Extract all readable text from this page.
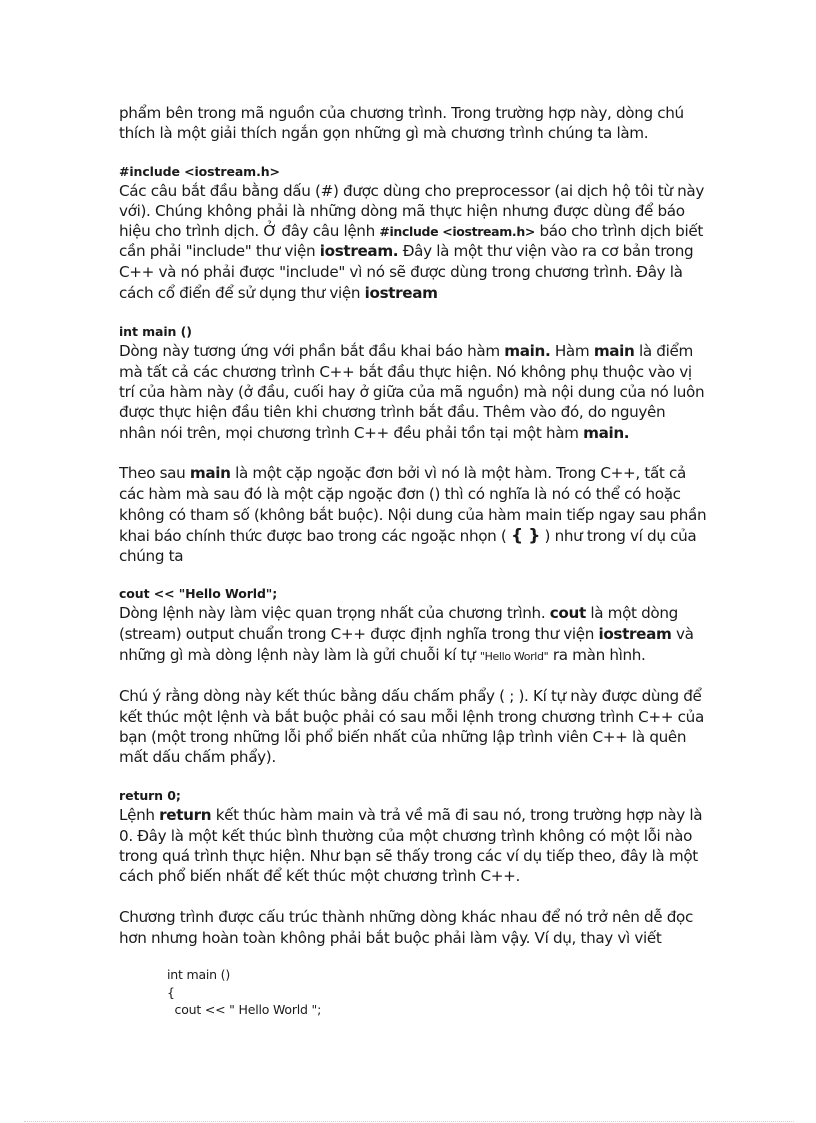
phẩm bên trong mã nguồn của chương trình. Trong trường hợp này, dòng chú
thích là một giải thích ngắn gọn những gì mà chương trình chúng ta làm.
#include <iostream.h>
Các câu bắt đầu bằng dấu (#) được dùng cho preprocessor (ai dịch hộ tôi từ này
với). Chúng không phải là những dòng mã thực hiện nhưng được dùng để báo
hiệu cho trình dịch. Ở đây câu lệnh #include <iostream.h> báo cho trình dịch biết
cần phải "include" thư viện iostream. Đây là một thư viện vào ra cơ bản trong
C++ và nó phải được "include" vì nó sẽ được dùng trong chương trình. Đây là
cách cổ điển để sử dụng thư viện iostream
int main ()
Dòng này tương ứng với phần bắt đầu khai báo hàm main. Hàm main là điểm
mà tất cả các chương trình C++ bắt đầu thực hiện. Nó không phụ thuộc vào vị
trí của hàm này (ở đầu, cuối hay ở giữa của mã nguồn) mà nội dung của nó luôn
được thực hiện đầu tiên khi chương trình bắt đầu. Thêm vào đó, do nguyên
nhân nói trên, mọi chương trình C++ đều phải tồn tại một hàm main.
Theo sau main là một cặp ngoặc đơn bởi vì nó là một hàm. Trong C++, tất cả
các hàm mà sau đó là một cặp ngoặc đơn () thì có nghĩa là nó có thể có hoặc
không có tham số (không bắt buộc). Nội dung của hàm main tiếp ngay sau phần
khai báo chính thức được bao trong các ngoặc nhọn ( { } ) như trong ví dụ của
chúng ta
cout << "Hello World";
Dòng lệnh này làm việc quan trọng nhất của chương trình. cout là một dòng
(stream) output chuẩn trong C++ được định nghĩa trong thư viện iostream và
những gì mà dòng lệnh này làm là gửi chuỗi kí tự "Hello World" ra màn hình.
Chú ý rằng dòng này kết thúc bằng dấu chấm phẩy ( ; ). Kí tự này được dùng để
kết thúc một lệnh và bắt buộc phải có sau mỗi lệnh trong chương trình C++ của
bạn (một trong những lỗi phổ biến nhất của những lập trình viên C++ là quên
mất dấu chấm phẩy).
return 0;
Lệnh return kết thúc hàm main và trả về mã đi sau nó, trong trường hợp này là
0. Đây là một kết thúc bình thường của một chương trình không có một lỗi nào
trong quá trình thực hiện. Như bạn sẽ thấy trong các ví dụ tiếp theo, đây là một
cách phổ biến nhất để kết thúc một chương trình C++.
Chương trình được cấu trúc thành những dòng khác nhau để nó trở nên dễ đọc
hơn nhưng hoàn toàn không phải bắt buộc phải làm vậy. Ví dụ, thay vì viết
int main ()
{
cout << " Hello World ";
